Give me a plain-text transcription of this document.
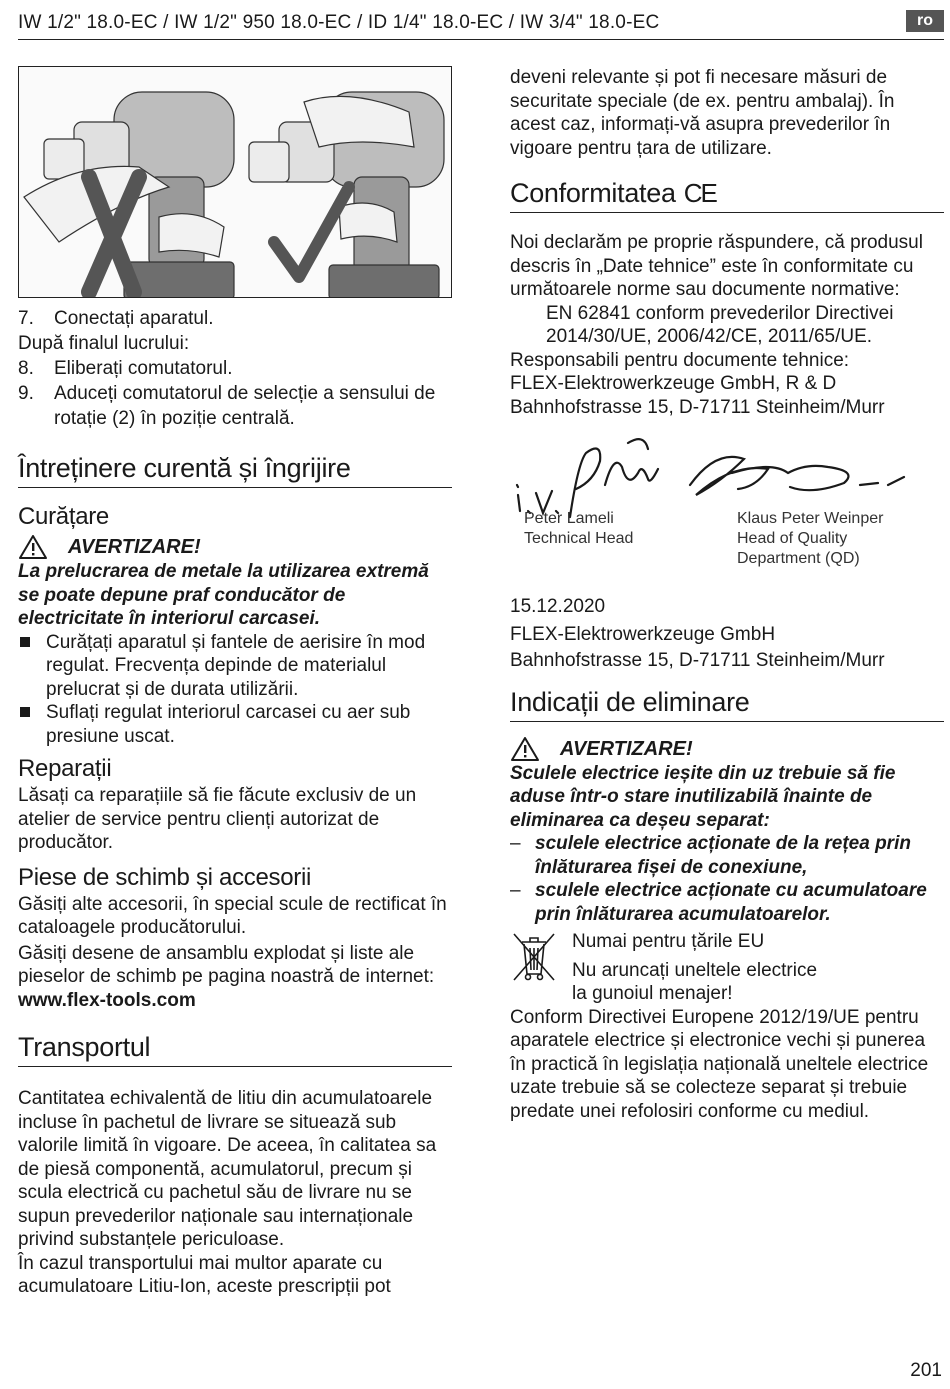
IW 1/2" 18.0-EC / IW 1/2" 950 18.0-EC / ID 1/4" 18.0-EC / IW 3/4" 18.0-EC	ro
7.	Conectați aparatul.
După finalul lucrului:
8.	Eliberați comutatorul.
9.	Aduceți comutatorul de selecție a sensului de rotație (2) în poziție centrală.
Întreținere curentă și îngrijire
Curățare
AVERTIZARE!

La prelucrarea de metale la utilizarea extremă se poate depune praf conducător de electricitate în interiorul carcasei.

Curățați aparatul și fantele de aerisire în mod regulat. Frecvența depinde de materialul prelucrat și de durata utilizării.
Suflați regulat interiorul carcasei cu aer sub presiune uscat.
Reparații

Lăsați ca reparațiile să fie făcute exclusiv de un atelier de service pentru clienți autorizat de producător.

Piese de schimb și accesorii

Găsiți alte accesorii, în special scule de rectificat în cataloagele producătorului.

Găsiți desene de ansamblu explodat și liste ale pieselor de schimb pe pagina noastră de internet: www.flex-tools.com

Transportul

Cantitatea echivalentă de litiu din acumulatoarele incluse în pachetul de livrare se situează sub valorile limită în vigoare. De aceea, în calitatea sa de piesă componentă, acumulatorul, precum și scula electrică cu pachetul său de livrare nu se supun prevederilor naționale sau internaționale privind substanțele periculoase.

În cazul transportului mai multor aparate cu acumulatoare Litiu-Ion, aceste prescripții pot

deveni relevante și pot fi necesare măsuri de securitate speciale (de ex. pentru ambalaj). În acest caz, informați-vă asupra prevederilor în vigoare pentru țara de utilizare.

Conformitatea CE

Noi declarăm pe proprie răspundere, că produsul descris în „Date tehnice” este în conformitate cu următoarele norme sau documente normative:

EN 62841 conform prevederilor Directivei 2014/30/UE, 2006/42/CE, 2011/65/UE.

Responsabili pentru documente tehnice:

FLEX-Elektrowerkzeuge GmbH, R & D

Bahnhofstrasse 15, D-71711 Steinheim/Murr

Peter Lameli
Technical Head
Klaus Peter Weinper
Head of Quality
Department (QD)

15.12.2020

FLEX-Elektrowerkzeuge GmbH

Bahnhofstrasse 15, D-71711 Steinheim/Murr

Indicații de eliminare
AVERTIZARE!

Sculele electrice ieșite din uz trebuie să fie aduse într-o stare inutilizabilă înainte de eliminarea ca deșeu separat:

– sculele electrice acționate de la rețea prin înlăturarea fișei de conexiune,
– sculele electrice acționate cu acumulatoare prin înlăturarea acumulatoarelor.

Numai pentru țările EU

Nu aruncați uneltele electrice

la gunoiul menajer!

Conform Directivei Europene 2012/19/UE pentru aparatele electrice și electronice vechi și punerea în practică în legislația națională uneltele electrice uzate trebuie să se colecteze separat și trebuie predate unei refolosiri conforme cu mediul.

201
